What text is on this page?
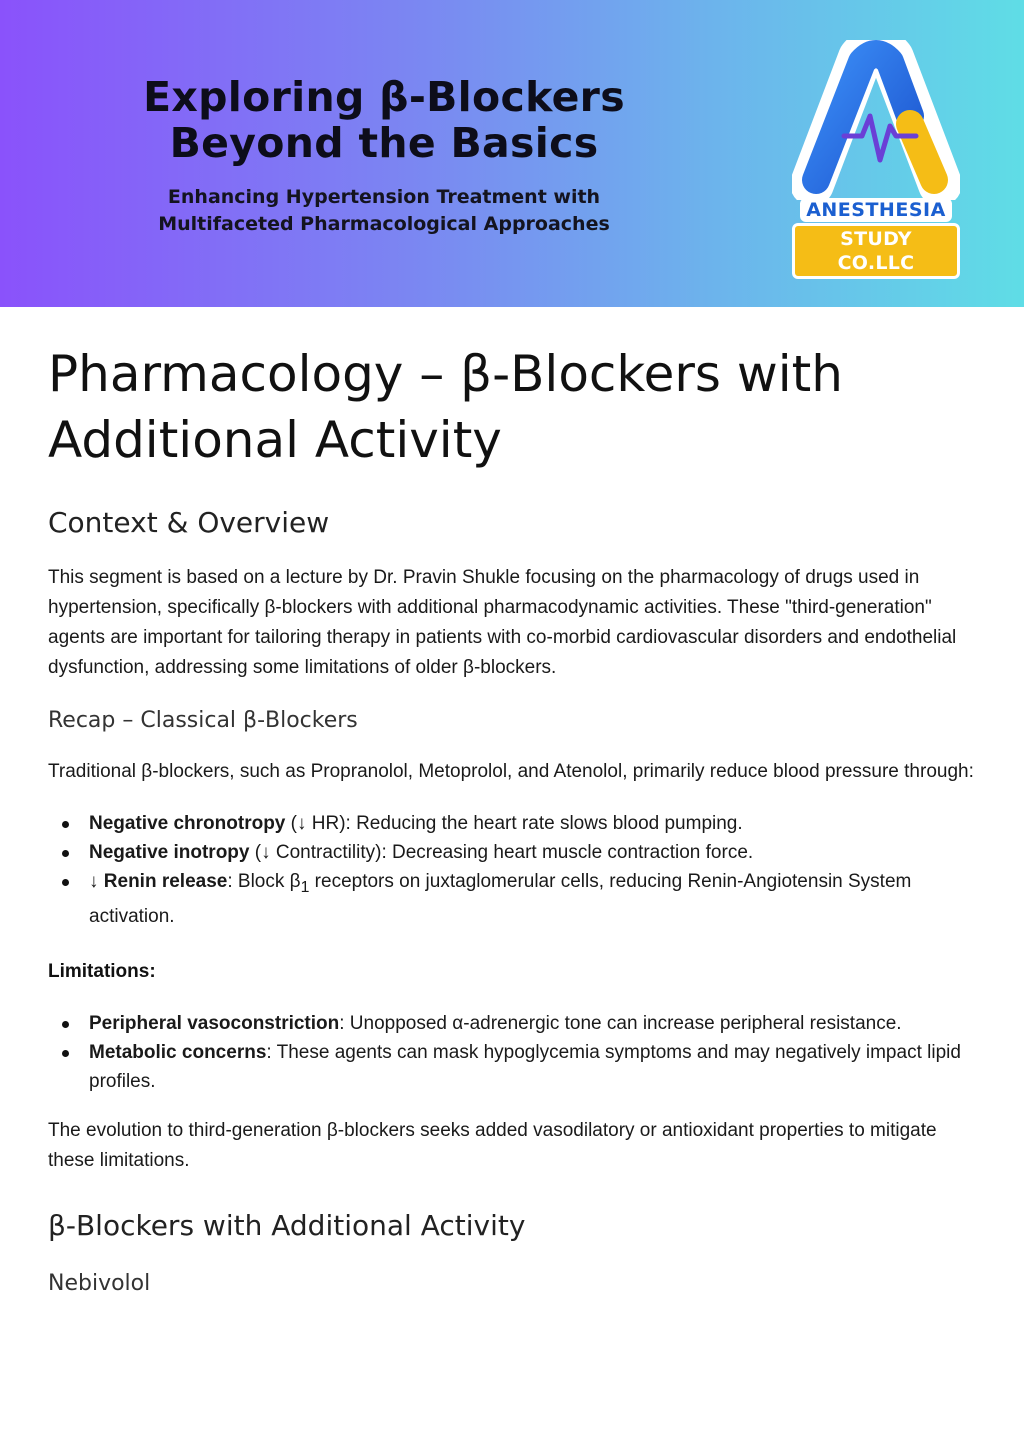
Exploring β-Blockers
Beyond the Basics
Enhancing Hypertension Treatment with
Multifaceted Pharmacological Approaches
ANESTHESIA
STUDY CO.LLC
Pharmacology – β-Blockers with Additional Activity
Context & Overview

This segment is based on a lecture by Dr. Pravin Shukle focusing on the pharmacology of drugs used in hypertension, specifically β-blockers with additional pharmacodynamic activities. These "third-generation" agents are important for tailoring therapy in patients with co-morbid cardiovascular disorders and endothelial dysfunction, addressing some limitations of older β-blockers.

Recap – Classical β-Blockers

Traditional β-blockers, such as Propranolol, Metoprolol, and Atenolol, primarily reduce blood pressure through:

Negative chronotropy (↓ HR): Reducing the heart rate slows blood pumping.
Negative inotropy (↓ Contractility): Decreasing heart muscle contraction force.
↓ Renin release: Block $\beta_1$ receptors on juxtaglomerular cells, reducing Renin-Angiotensin System activation.

Limitations:

Peripheral vasoconstriction: Unopposed α-adrenergic tone can increase peripheral resistance.
Metabolic concerns: These agents can mask hypoglycemia symptoms and may negatively impact lipid profiles.

The evolution to third-generation β-blockers seeks added vasodilatory or antioxidant properties to mitigate these limitations.

β-Blockers with Additional Activity
Nebivolol
